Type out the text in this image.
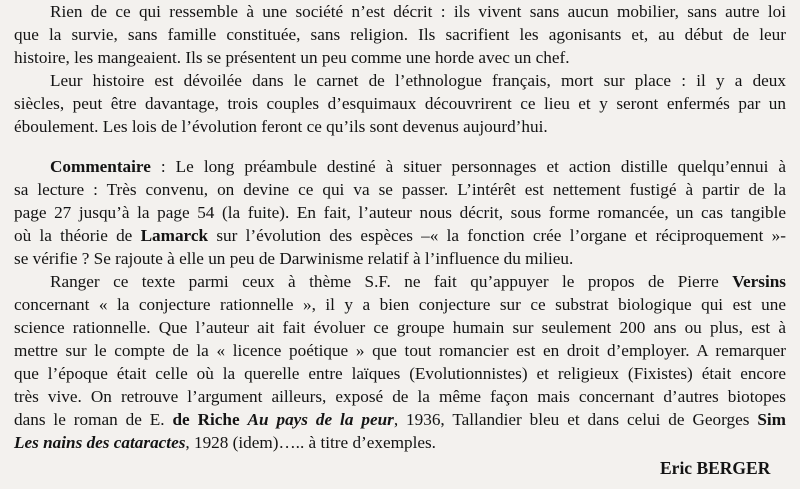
Rien de ce qui ressemble à une société n’est décrit : ils vivent sans aucun mobilier, sans autre loi
que la survie, sans famille constituée, sans religion. Ils sacrifient les agonisants et, au début de leur
histoire, les mangeaient. Ils se présentent un peu comme une horde avec un chef.
Leur histoire est dévoilée dans le carnet de l’ethnologue français, mort sur place : il y a deux
siècles, peut être davantage, trois couples d’esquimaux découvrirent ce lieu et y seront enfermés par un
éboulement. Les lois de l’évolution feront ce qu’ils sont devenus aujourd’hui.
Commentaire : Le long préambule destiné à situer personnages et action distille quelqu’ennui à
sa lecture : Très convenu, on devine ce qui va se passer. L’intérêt est nettement fustigé à partir de la
page 27 jusqu’à la page 54 (la fuite). En fait, l’auteur nous décrit, sous forme romancée, un cas tangible
où la théorie de Lamarck sur l’évolution des espèces –« la fonction crée l’organe et réciproquement »-
se vérifie ? Se rajoute à elle un peu de Darwinisme relatif à l’influence du milieu.
Ranger ce texte parmi ceux à thème S.F. ne fait qu’appuyer le propos de Pierre Versins
concernant « la conjecture rationnelle », il y a bien conjecture sur ce substrat biologique qui est une
science rationnelle. Que l’auteur ait fait évoluer ce groupe humain sur seulement 200 ans ou plus, est à
mettre sur le compte de la « licence poétique » que tout romancier est en droit d’employer. A remarquer
que l’époque était celle où la querelle entre laïques (Evolutionnistes) et religieux (Fixistes) était encore
très vive. On retrouve l’argument ailleurs, exposé de la même façon mais concernant d’autres biotopes
dans le roman de E. de Riche Au pays de la peur, 1936, Tallandier bleu et dans celui de Georges Sim
Les nains des cataractes, 1928 (idem)….. à titre d’exemples.
Eric BERGER
